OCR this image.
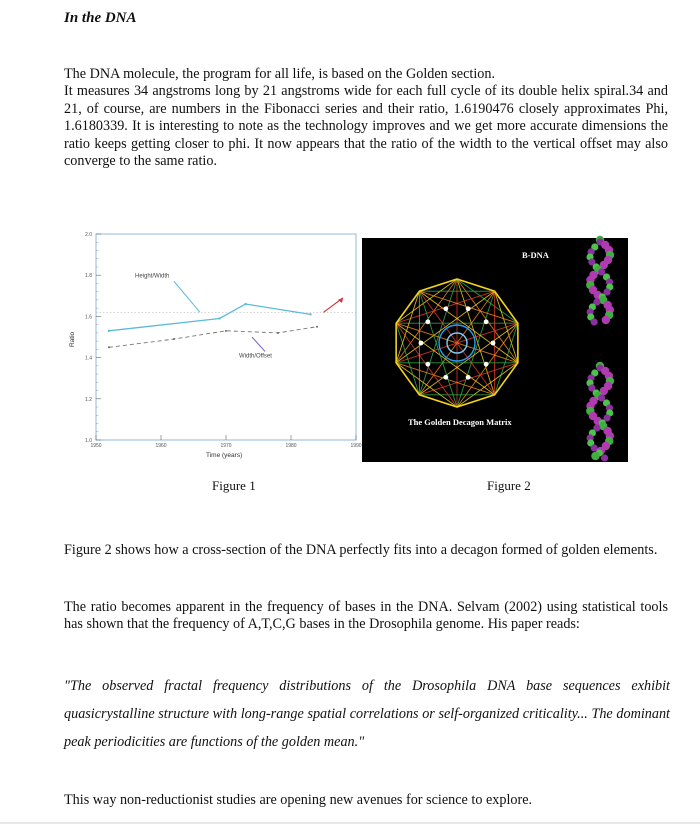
In the DNA

The DNA molecule, the program for all life, is based on the Golden section.
It measures 34 angstroms long by 21 angstroms wide for each full cycle of its double helix spiral.34 and 21, of course, are numbers in the Fibonacci series and their ratio, 1.6190476 closely approximates Phi, 1.6180339. It is interesting to note as the technology improves and we get more accurate dimensions the ratio keeps getting closer to phi. It now appears that the ratio of the width to the vertical offset may also converge to the same ratio.

2.0
1.8
1.6
1.4
1.2
1.0
1950	1960	1970	1980	1990
Time (years)
Ratio
Height/Width
Width/Offset
B-DNA
The Golden Decagon Matrix
Figure 1	Figure 2

Figure 2 shows how a cross-section of the DNA perfectly fits into a decagon formed of golden elements.

The ratio becomes apparent in the frequency of bases in the DNA. Selvam (2002) using statistical tools has shown that the frequency of A,T,C,G bases in the Drosophila genome. His paper reads:

"The observed fractal frequency distributions of the Drosophila DNA base sequences exhibit quasicrystalline structure with long-range spatial correlations or self-organized criticality... The dominant peak periodicities are functions of the golden mean."

This way non-reductionist studies are opening new avenues for science to explore.
